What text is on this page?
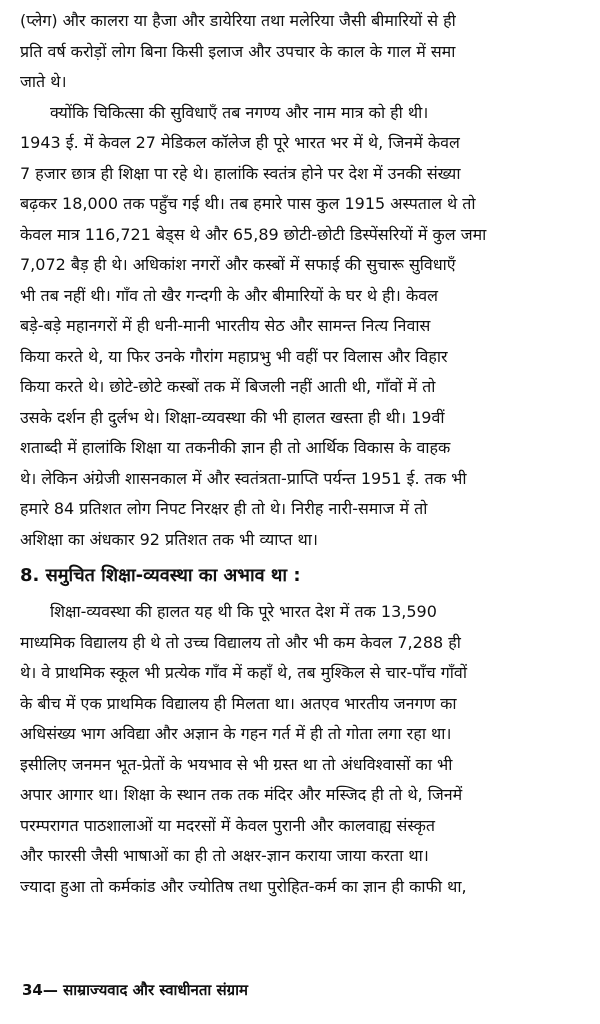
(प्लेग) और कालरा या हैजा और डायेरिया तथा मलेरिया जैसी बीमारियों से ही
प्रति वर्ष करोड़ों लोग बिना किसी इलाज और उपचार के काल के गाल में समा
जाते थे।

क्योंकि चिकित्सा की सुविधाएँ तब नगण्य और नाम मात्र को ही थी।
1943 ई. में केवल 27 मेडिकल कॉलेज ही पूरे भारत भर में थे, जिनमें केवल
7 हजार छात्र ही शिक्षा पा रहे थे। हालांकि स्वतंत्र होने पर देश में उनकी संख्या
बढ़कर 18,000 तक पहुँच गई थी। तब हमारे पास कुल 1915 अस्पताल थे तो
केवल मात्र 116,721 बेड्स थे और 65,89 छोटी-छोटी डिस्पेंसरियों में कुल जमा
7,072 बैड़ ही थे। अधिकांश नगरों और कस्बों में सफाई की सुचारू सुविधाएँ
भी तब नहीं थी। गाँव तो खैर गन्दगी के और बीमारियों के घर थे ही। केवल
बड़े-बड़े महानगरों में ही धनी-मानी भारतीय सेठ और सामन्त नित्य निवास
किया करते थे, या फिर उनके गौरांग महाप्रभु भी वहीं पर विलास और विहार
किया करते थे। छोटे-छोटे कस्बों तक में बिजली नहीं आती थी, गाँवों में तो
उसके दर्शन ही दुर्लभ थे। शिक्षा-व्यवस्था की भी हालत खस्ता ही थी। 19वीं
शताब्दी में हालांकि शिक्षा या तकनीकी ज्ञान ही तो आर्थिक विकास के वाहक
थे। लेकिन अंग्रेजी शासनकाल में और स्वतंत्रता-प्राप्ति पर्यन्त 1951 ई. तक भी
हमारे 84 प्रतिशत लोग निपट निरक्षर ही तो थे। निरीह नारी-समाज में तो
अशिक्षा का अंधकार 92 प्रतिशत तक भी व्याप्त था।

8. समुचित शिक्षा-व्यवस्था का अभाव था :

शिक्षा-व्यवस्था की हालत यह थी कि पूरे भारत देश में तक 13,590
माध्यमिक विद्यालय ही थे तो उच्च विद्यालय तो और भी कम केवल 7,288 ही
थे। वे प्राथमिक स्कूल भी प्रत्येक गाँव में कहाँ थे, तब मुश्किल से चार-पाँच गाँवों
के बीच में एक प्राथमिक विद्यालय ही मिलता था। अतएव भारतीय जनगण का
अधिसंख्य भाग अविद्या और अज्ञान के गहन गर्त में ही तो गोता लगा रहा था।
इसीलिए जनमन भूत-प्रेतों के भयभाव से भी ग्रस्त था तो अंधविश्वासों का भी
अपार आगार था। शिक्षा के स्थान तक तक मंदिर और मस्जिद ही तो थे, जिनमें
परम्परागत पाठशालाओं या मदरसों में केवल पुरानी और कालवाह्य संस्कृत
और फारसी जैसी भाषाओं का ही तो अक्षर-ज्ञान कराया जाया करता था।
ज्यादा हुआ तो कर्मकांड और ज्योतिष तथा पुरोहित-कर्म का ज्ञान ही काफी था,

34— साम्राज्यवाद और स्वाधीनता संग्राम
